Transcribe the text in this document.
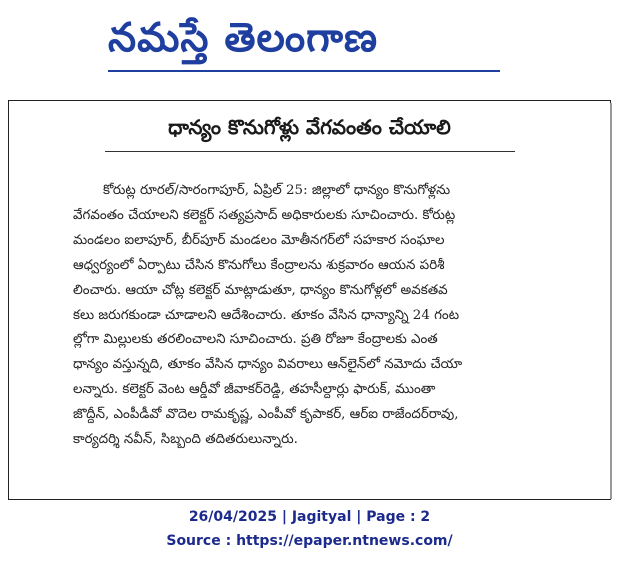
నమస్తే తెలంగాణ
ధాన్యం కొనుగోళ్లు వేగవంతం చేయాలి
కోరుట్ల రూరల్/సారంగాపూర్, ఏప్రిల్ 25: జిల్లాలో ధాన్యం కొనుగోళ్లను
వేగవంతం చేయాలని కలెక్టర్ సత్యప్రసాద్ అధికారులకు సూచించారు. కోరుట్ల
మండలం ఐలాపూర్, బీర్‌పూర్ మండలం మోతీనగర్‌లో సహకార సంఘాల
ఆధ్వర్యంలో ఏర్పాటు చేసిన కొనుగోలు కేంద్రాలను శుక్రవారం ఆయన పరిశీ
లించారు. ఆయా చోట్ల కలెక్టర్ మాట్లాడుతూ, ధాన్యం కొనుగోళ్లలో అవకతవ
కలు జరుగకుండా చూడాలని ఆదేశించారు. తూకం వేసిన ధాన్యాన్ని 24 గంట
ల్లోగా మిల్లులకు తరలించాలని సూచించారు. ప్రతి రోజూ కేంద్రాలకు ఎంత
ధాన్యం వస్తున్నది, తూకం వేసిన ధాన్యం వివరాలు ఆన్‌లైన్‌లో నమోదు చేయా
లన్నారు. కలెక్టర్ వెంట ఆర్డీవో జీవాకర్‌రెడ్డి, తహసీల్దార్లు ఫారుక్, ముంతా
జొద్దీన్, ఎంపీడీవో వొదెల రామకృష్ణ, ఎంపీవో కృపాకర్, ఆర్ఐ రాజేందర్‌రావు,
కార్యదర్శి నవీన్, సిబ్బంది తదితరులున్నారు.
26/04/2025 | Jagityal | Page : 2
Source : https://epaper.ntnews.com/
